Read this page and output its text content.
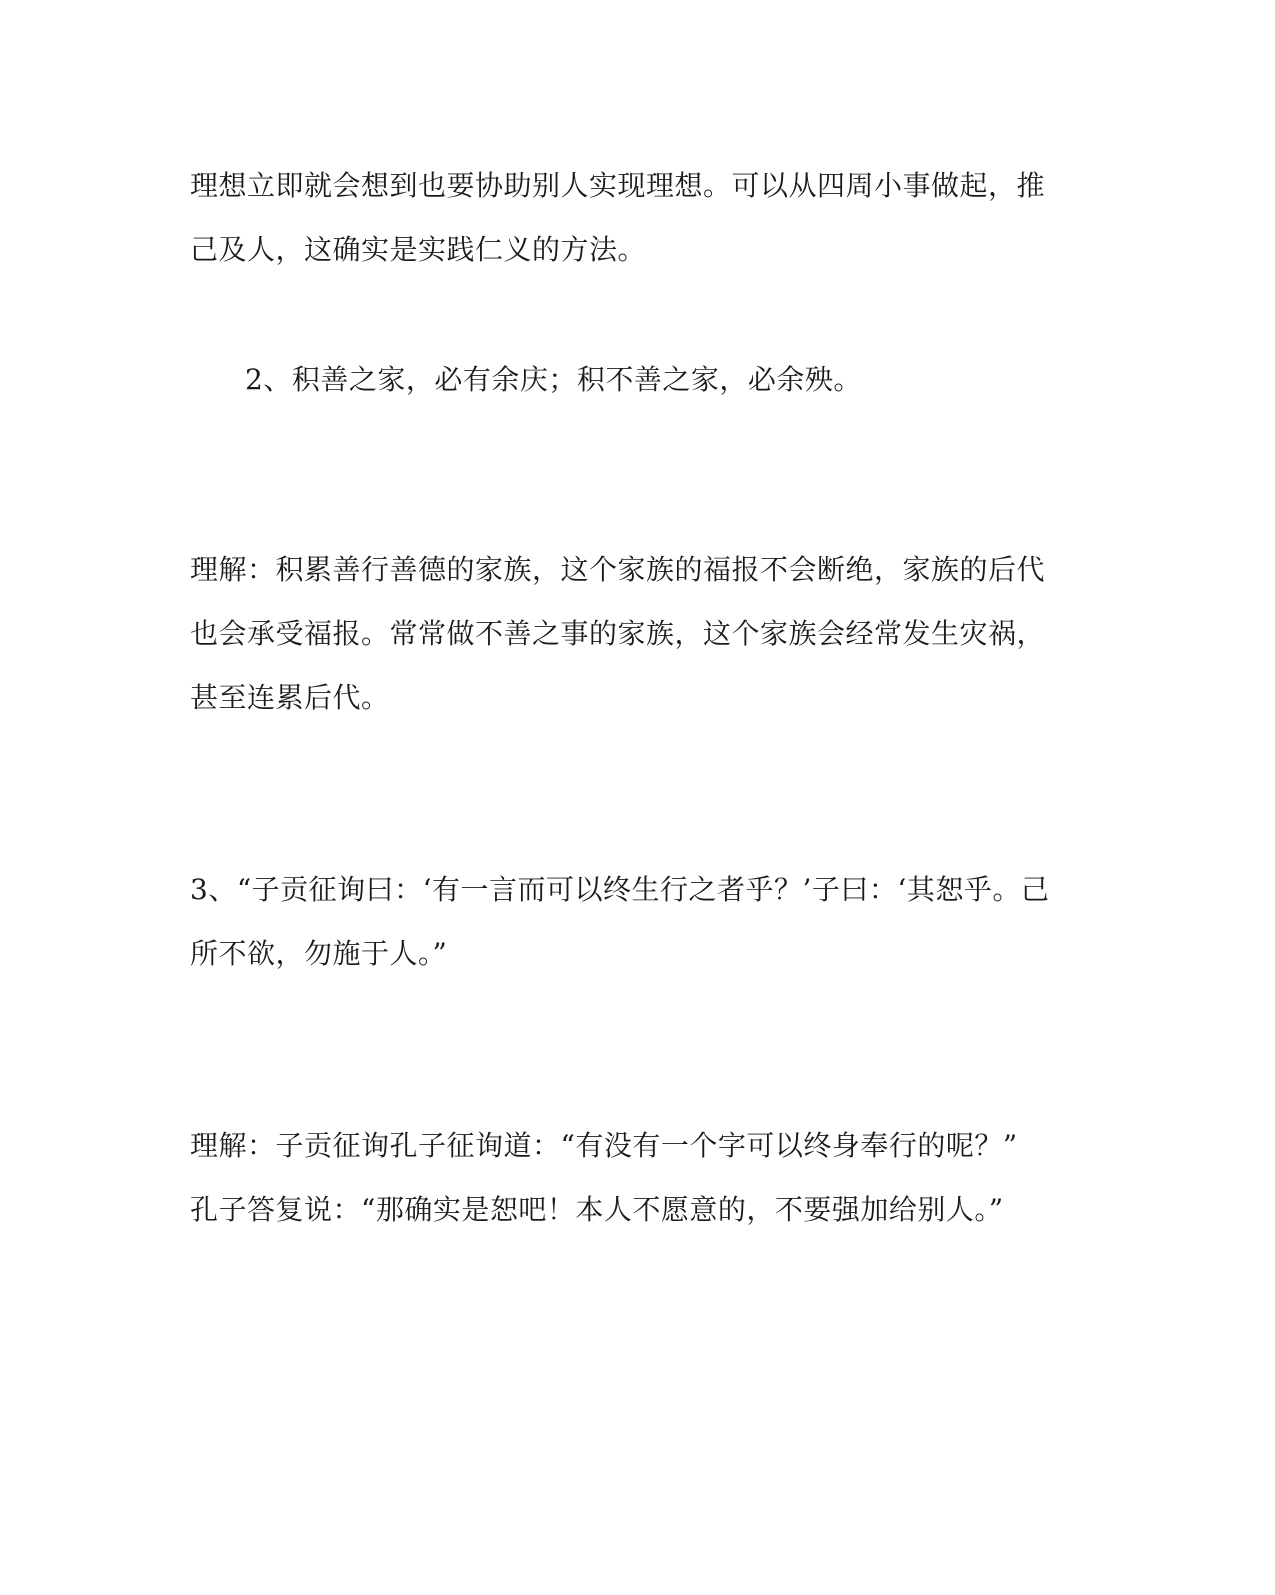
理想立即就会想到也要协助别人实现理想。可以从四周小事做起，推
己及人，这确实是实践仁义的方法。
2、积善之家，必有余庆；积不善之家，必余殃。
理解：积累善行善德的家族，这个家族的福报不会断绝，家族的后代
也会承受福报。常常做不善之事的家族，这个家族会经常发生灾祸，
甚至连累后代。
3、“子贡征询曰：‘有一言而可以终生行之者乎？’子曰：‘其恕乎。己
所不欲，勿施于人。”
理解：子贡征询孔子征询道：“有没有一个字可以终身奉行的呢？”
孔子答复说：“那确实是恕吧！本人不愿意的，不要强加给别人。”
